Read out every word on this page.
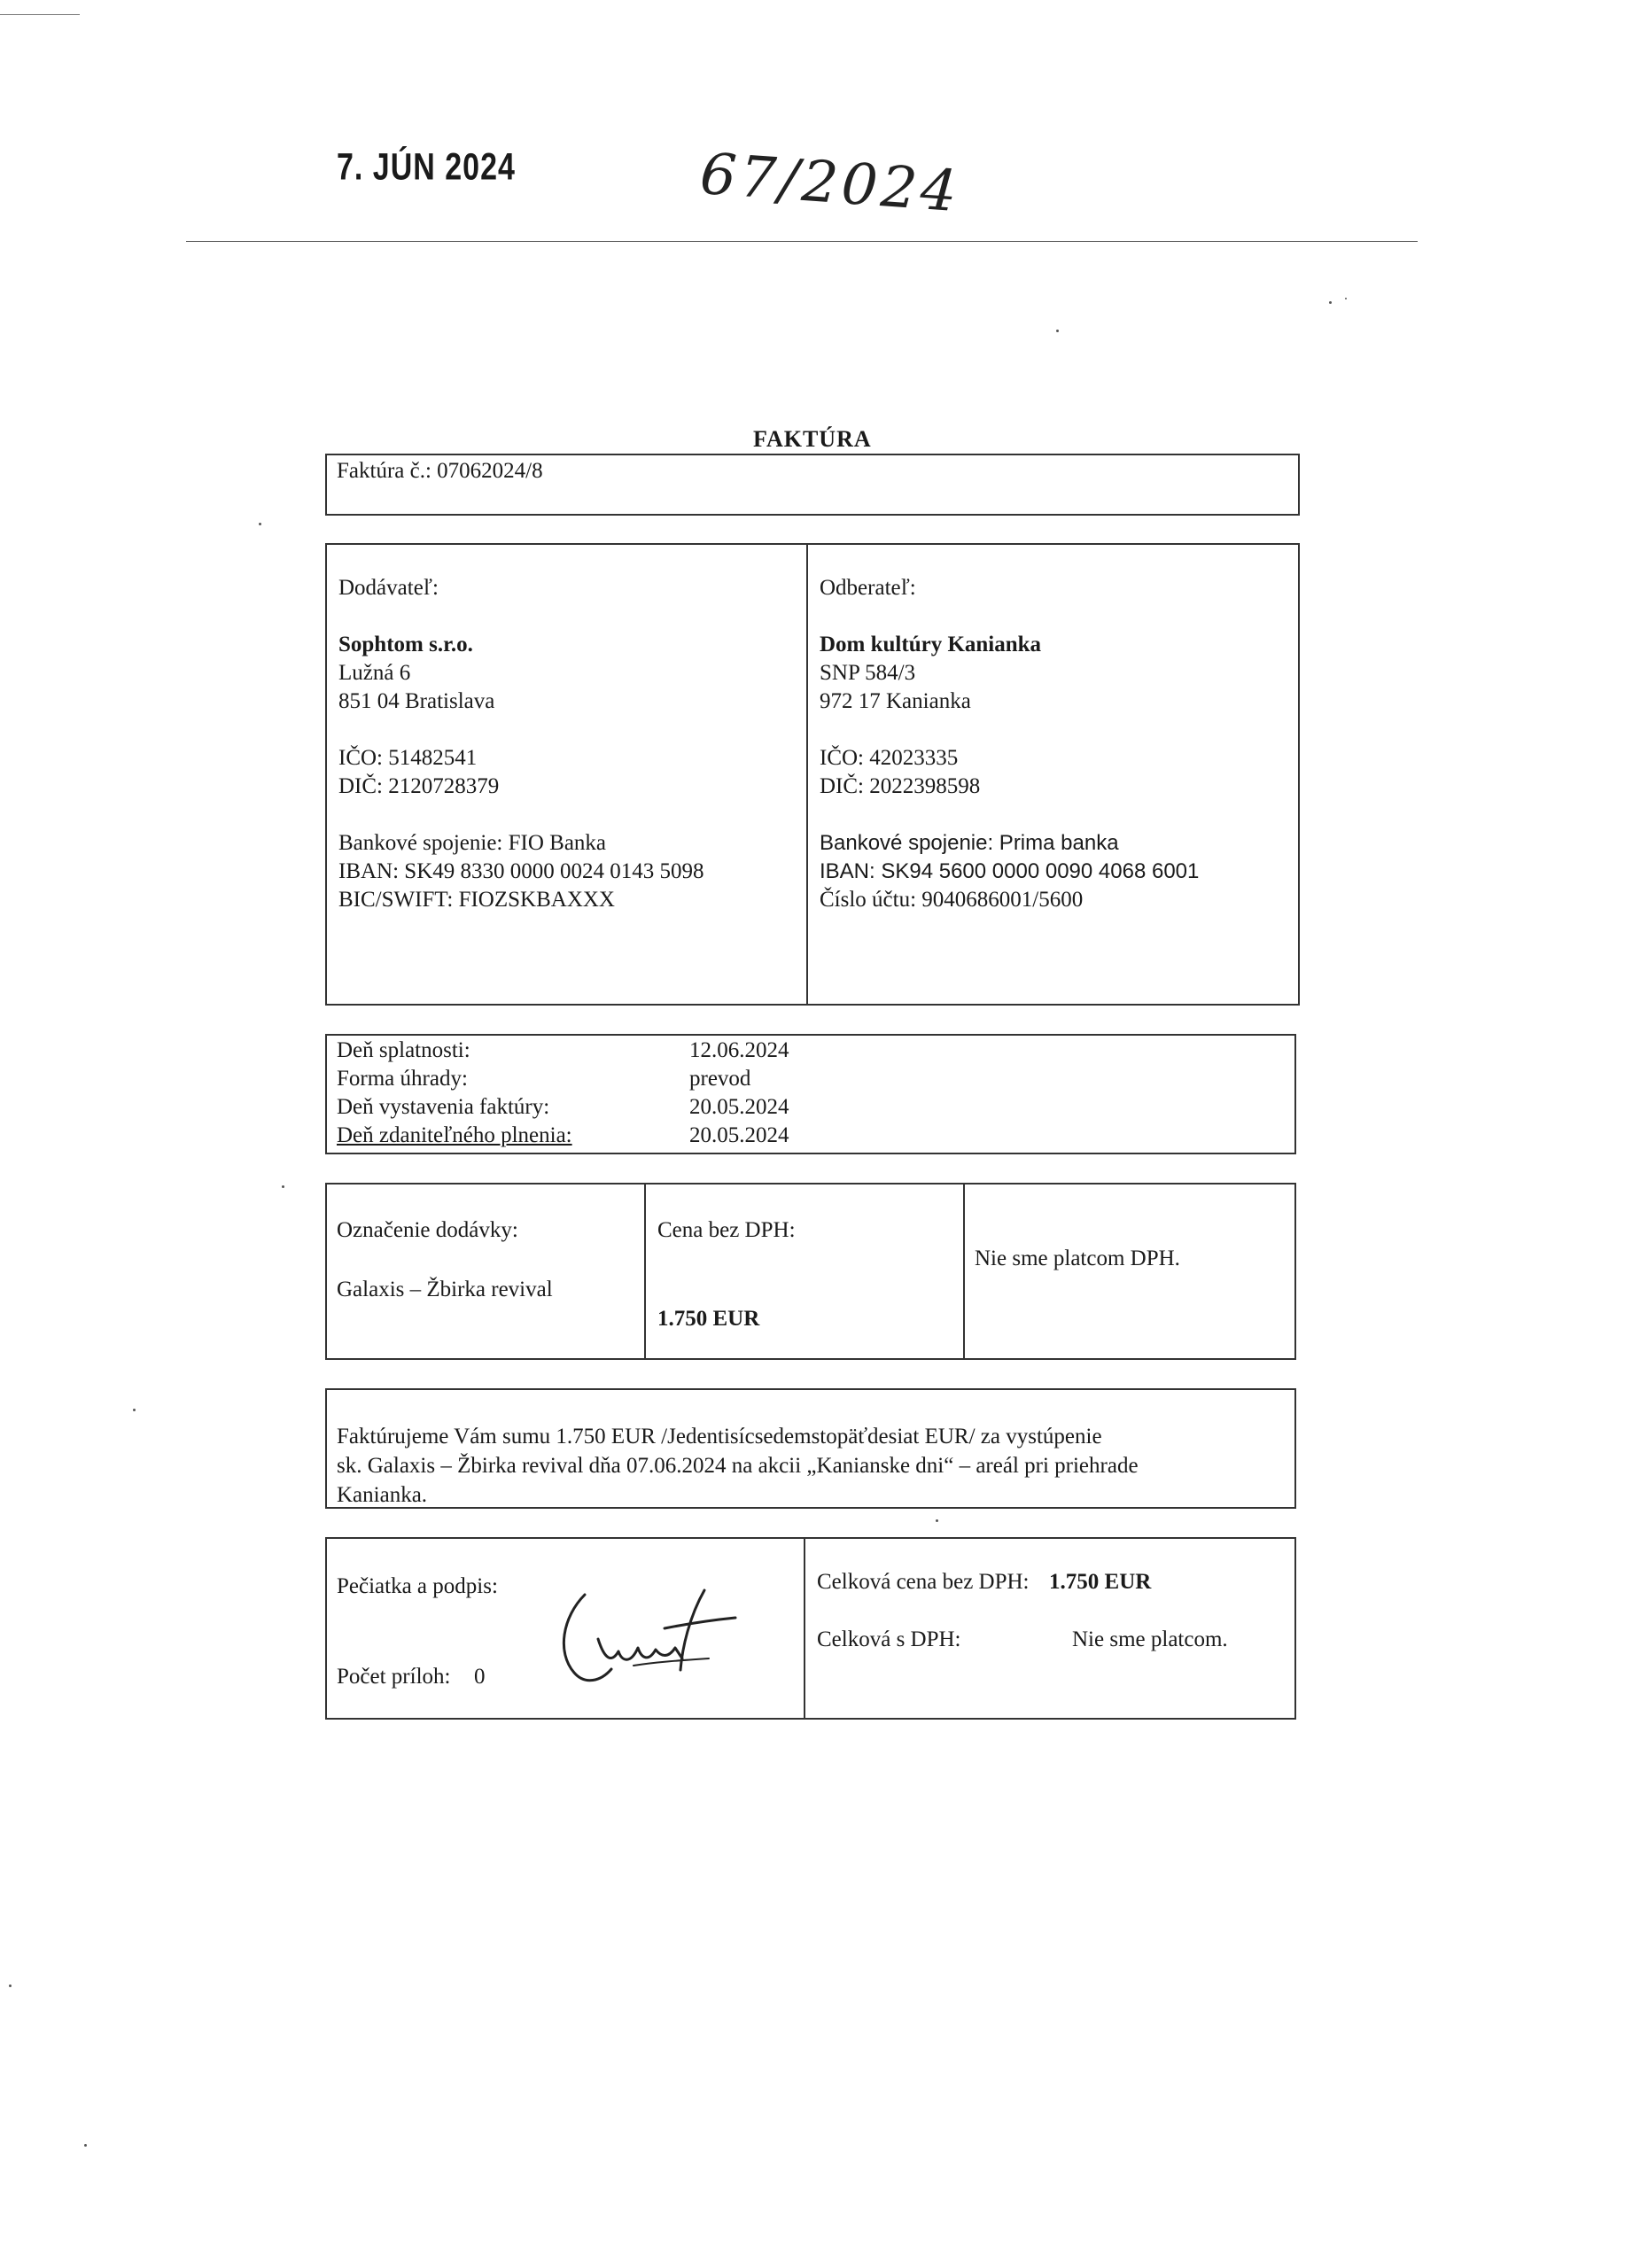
7. JÚN 2024	67/2024
FAKTÚRA
Faktúra č.: 07062024/8
Dodávateľ:
Sophtom s.r.o.
Lužná 6
851 04 Bratislava
IČO: 51482541
DIČ: 2120728379
Bankové spojenie: FIO Banka
IBAN: SK49 8330 0000 0024 0143 5098
BIC/SWIFT: FIOZSKBAXXX
Odberateľ:
Dom kultúry Kanianka
SNP 584/3
972 17 Kanianka
IČO: 42023335
DIČ: 2022398598
Bankové spojenie: Prima banka
IBAN: SK94 5600 0000 0090 4068 6001
Číslo účtu: 9040686001/5600
Deň splatnosti:
Forma úhrady:
Deň vystavenia faktúry:
Deň zdaniteľného plnenia:
12.06.2024
prevod
20.05.2024
20.05.2024
Označenie dodávky:
Galaxis – Žbirka revival
Cena bez DPH:
1.750 EUR
Nie sme platcom DPH.
Faktúrujeme Vám sumu 1.750 EUR /Jedentisícsedemstopäťdesiat EUR/ za vystúpenie
sk. Galaxis – Žbirka revival dňa 07.06.2024 na akcii „Kanianske dni“ – areál pri priehrade
Kanianka.
Pečiatka a podpis:
Počet príloh: 0
Celková cena bez DPH: 1.750 EUR
Celková s DPH:	Nie sme platcom.
